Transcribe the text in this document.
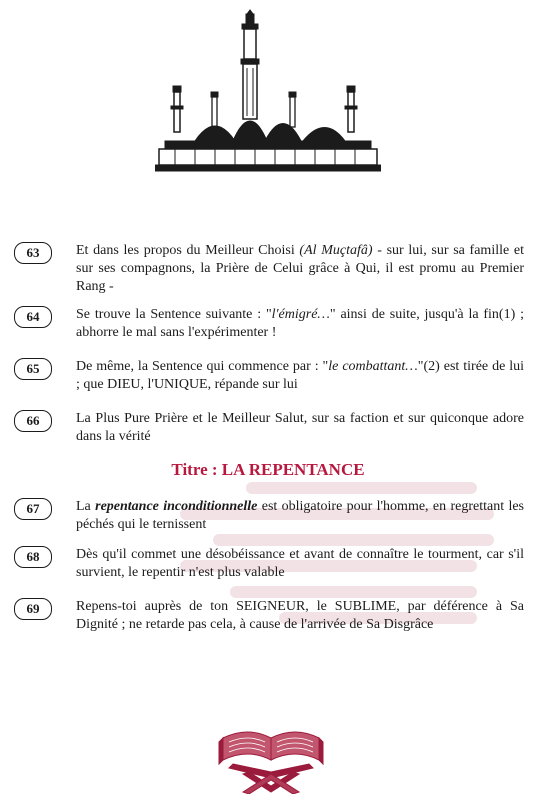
63	Et dans les propos du Meilleur Choisi (Al Muçtafâ) - sur lui, sur sa famille et sur ses compagnons, la Prière de Celui grâce à Qui, il est promu au Premier Rang -
64	Se trouve la Sentence suivante : "l'émigré…" ainsi de suite, jusqu'à la fin(1) ; abhorre le mal sans l'expérimenter !
65	De même, la Sentence qui commence par : "le combattant…"(2) est tirée de lui ; que DIEU, l'UNIQUE, répande sur lui
66	La Plus Pure Prière et le Meilleur Salut, sur sa faction et sur quiconque adore dans la vérité
Titre : LA REPENTANCE
67	La repentance inconditionnelle est obligatoire pour l'homme, en regrettant les péchés qui le ternissent
68	Dès qu'il commet une désobéissance et avant de connaître le tourment, car s'il survient, le repentir n'est plus valable
69	Repens-toi auprès de ton SEIGNEUR, le SUBLIME, par déférence à Sa Dignité ; ne retarde pas cela, à cause de l'arrivée de Sa Disgrâce
